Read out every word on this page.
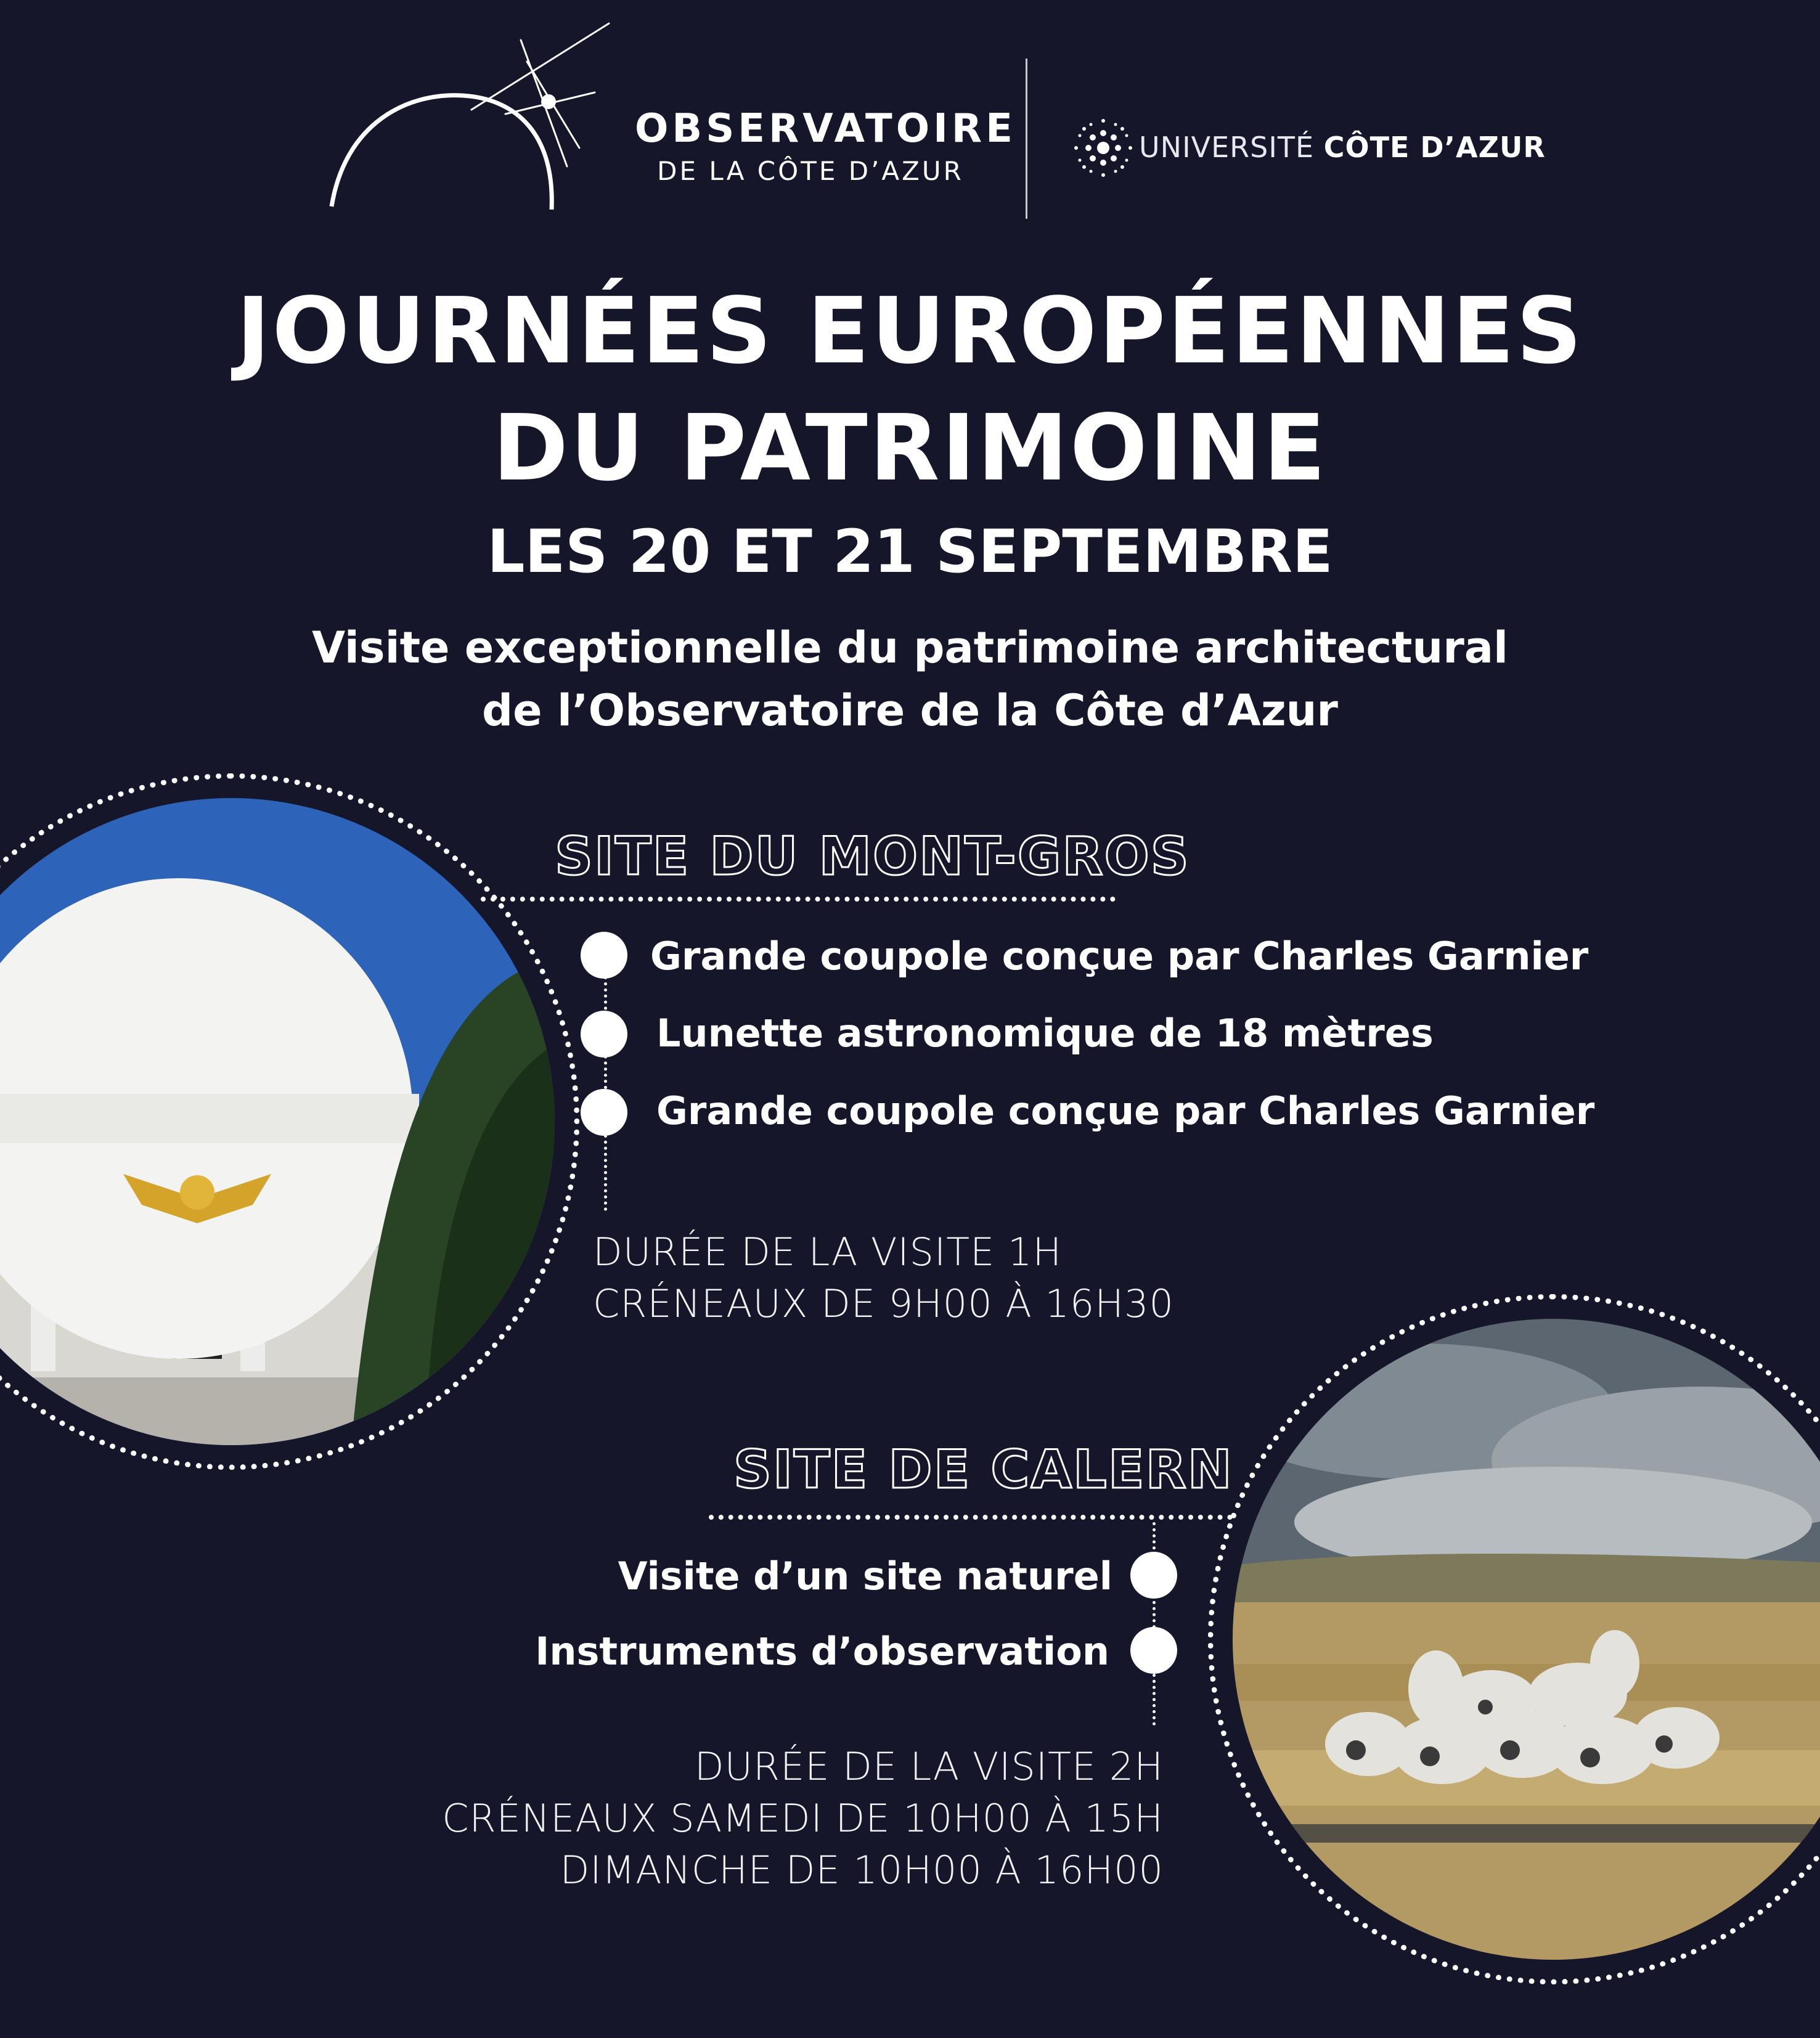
OBSERVATOIRE
DE LA CÔTE D’AZUR
UNIVERSITÉ CÔTE D’AZUR
JOURNÉES EUROPÉENNES
DU PATRIMOINE
LES 20 ET 21 SEPTEMBRE
Visite exceptionnelle du patrimoine architectural
de l’Observatoire de la Côte d’Azur
SITE DU MONT-GROS
Grande coupole conçue par Charles Garnier
Lunette astronomique de 18 mètres
Grande coupole conçue par Charles Garnier
DURÉE DE LA VISITE 1H
CRÉNEAUX DE 9H00 À 16H30
SITE DE CALERN
Visite d’un site naturel
Instruments d’observation
DURÉE DE LA VISITE 2H
CRÉNEAUX SAMEDI DE 10H00 À 15H
DIMANCHE DE 10H00 À 16H00
